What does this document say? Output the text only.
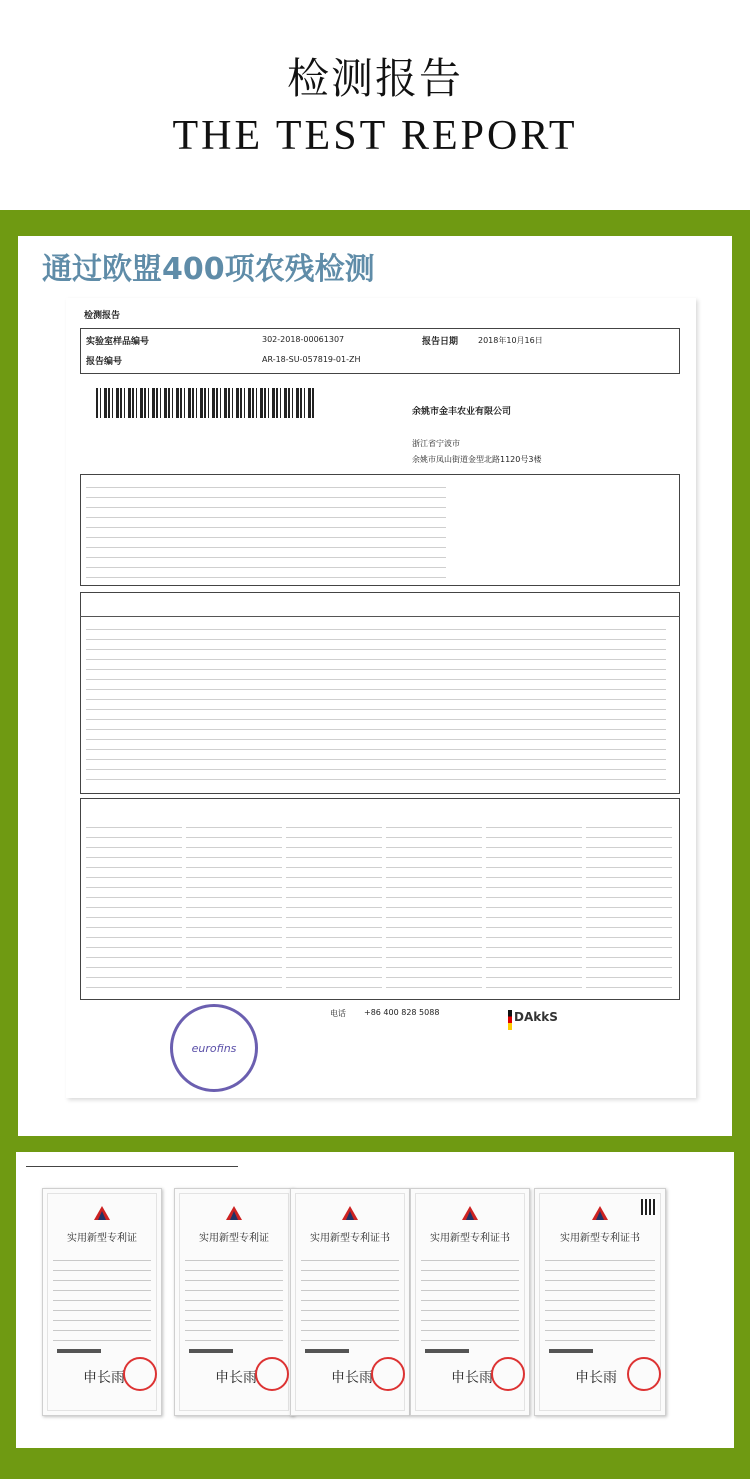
检测报告
THE TEST REPORT
通过欧盟400项农残检测
检测报告
实验室样品编号	302-2018-00061307	报告日期 2018年10月16日
报告编号	AR-18-SU-057819-01-ZH
余姚市金丰农业有限公司
浙江省宁波市
余姚市凤山街道金型北路1120号3楼
电话 +86 400 828 5088
eurofins
DAkkS
实用新型专利证
申长雨
实用新型专利证
申长雨
实用新型专利证书
申长雨
实用新型专利证书
申长雨
实用新型专利证书
申长雨
